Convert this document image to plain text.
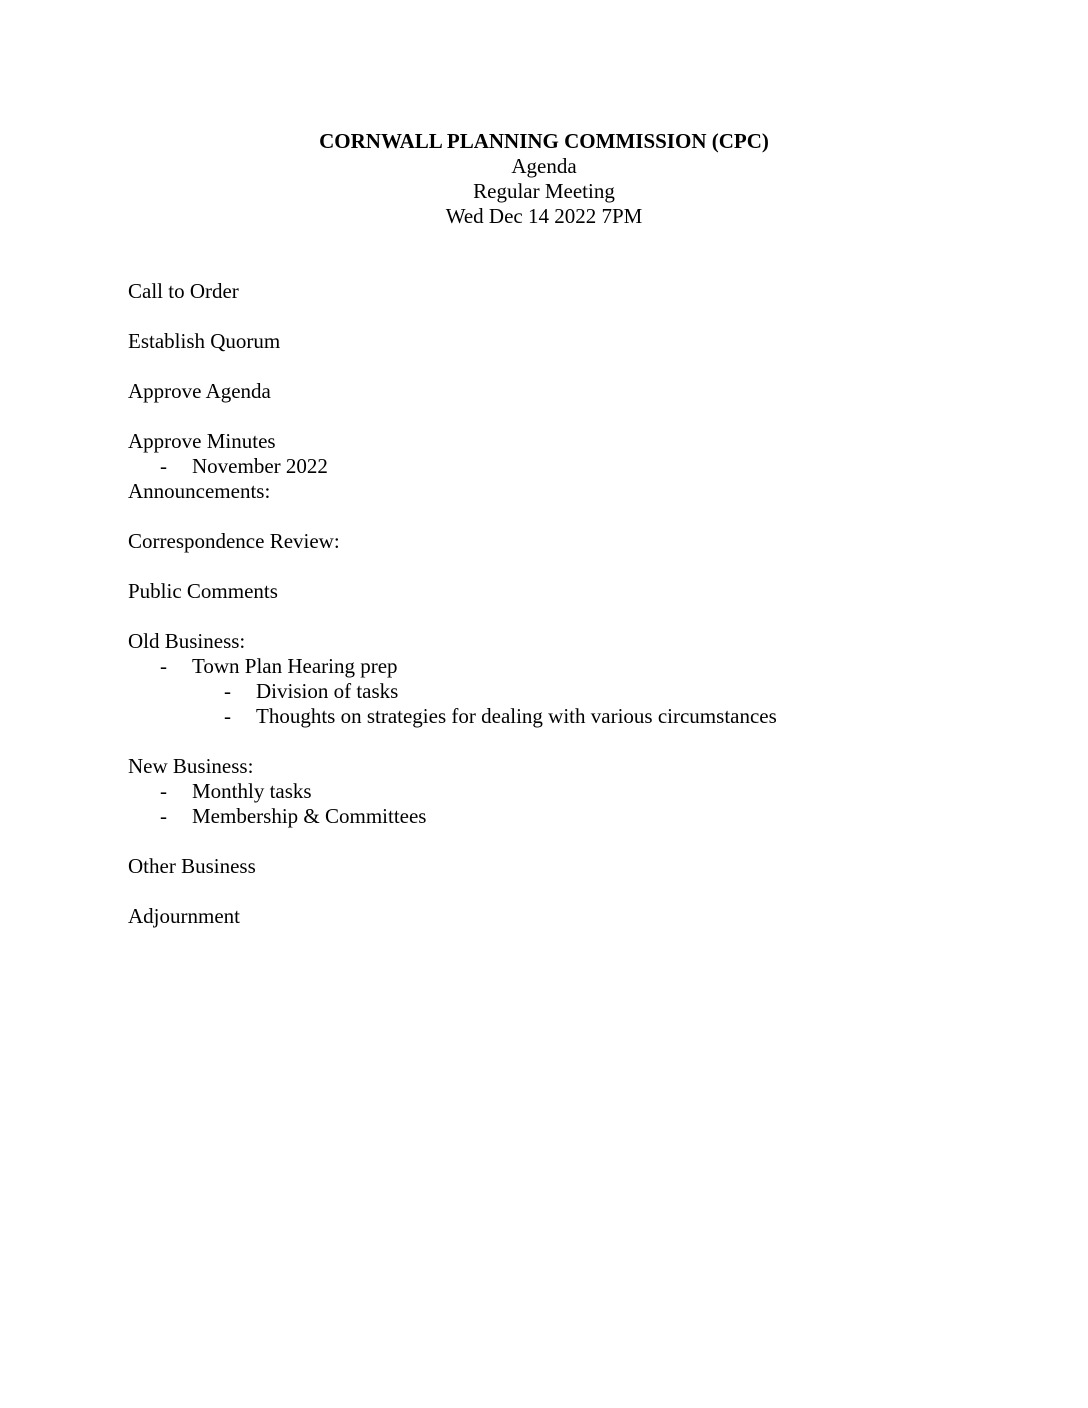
CORNWALL PLANNING COMMISSION (CPC)
Agenda
Regular Meeting
Wed Dec 14 2022 7PM
Call to Order
Establish Quorum
Approve Agenda
Approve Minutes
- November 2022
Announcements:
Correspondence Review:
Public Comments
Old Business:
- Town Plan Hearing prep
- Division of tasks
- Thoughts on strategies for dealing with various circumstances
New Business:
- Monthly tasks
- Membership & Committees
Other Business
Adjournment
